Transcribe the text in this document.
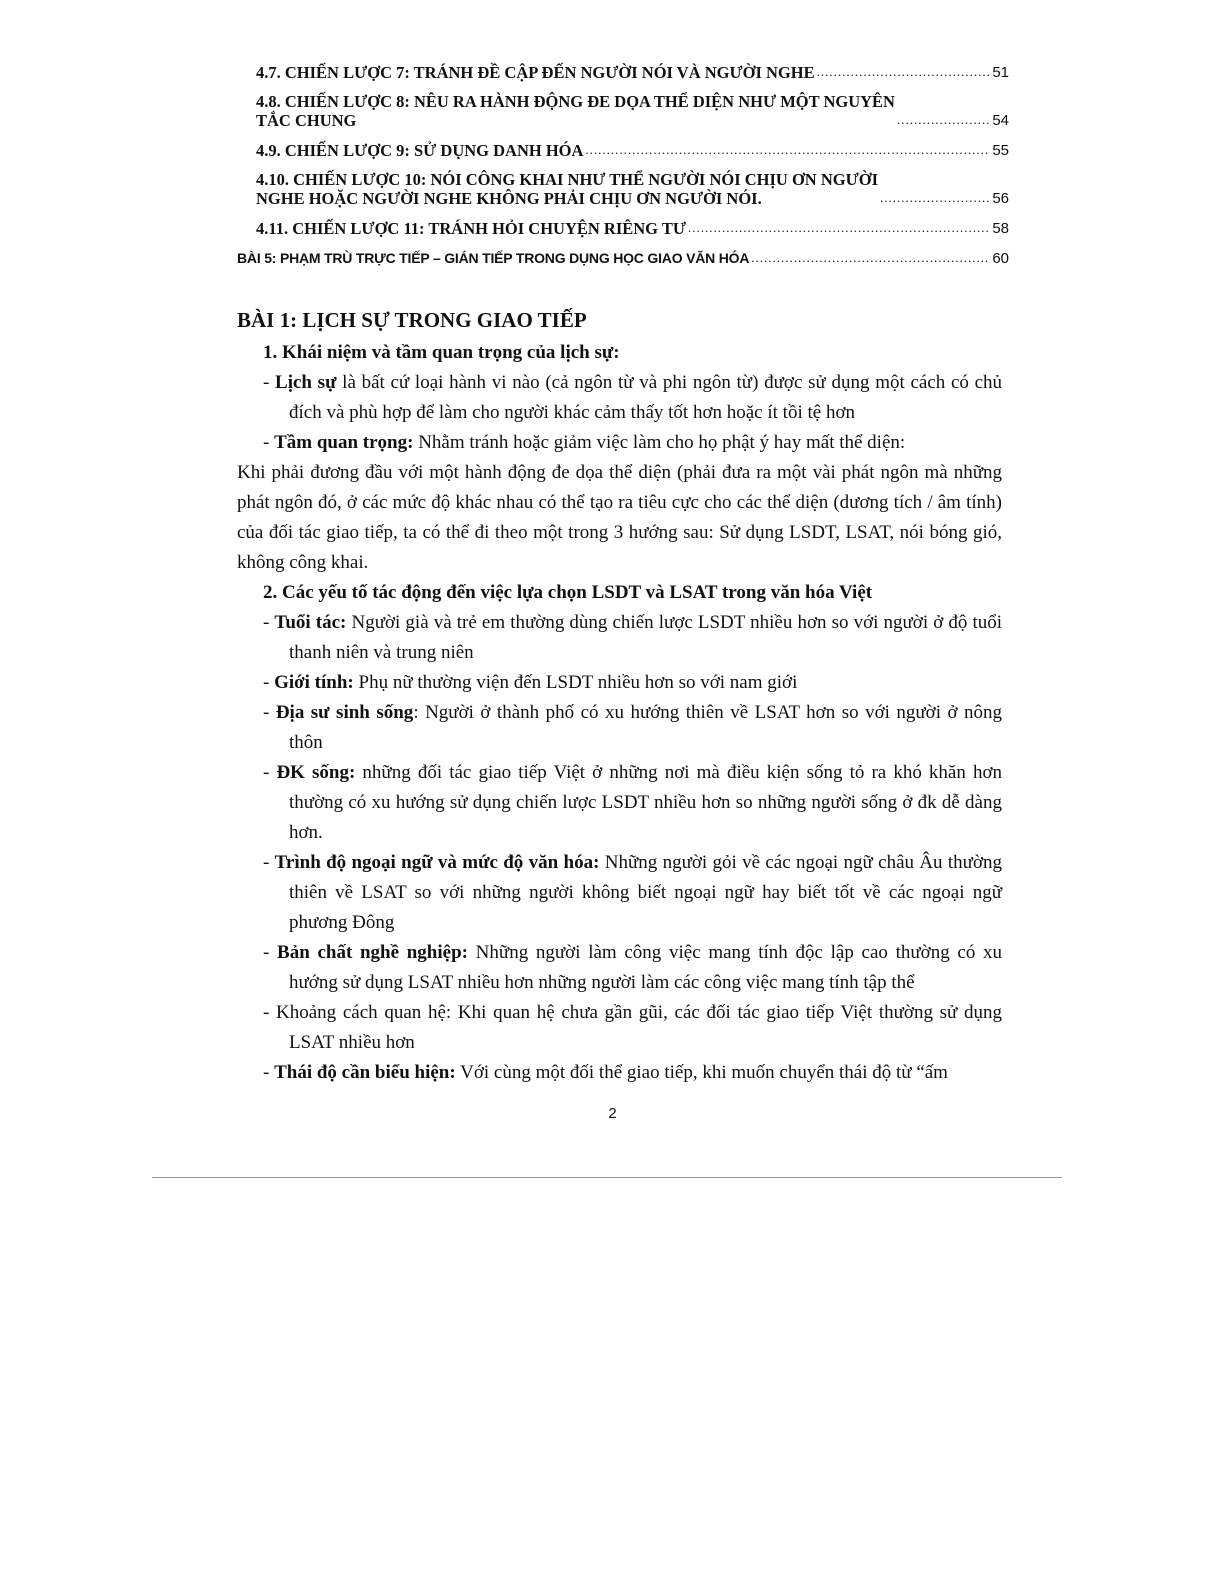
4.7. CHIẾN LƯỢC 7: TRÁNH ĐỀ CẬP ĐẾN NGƯỜI NÓI VÀ NGƯỜI NGHE .....	51
4.8. CHIẾN LƯỢC 8: NÊU RA HÀNH ĐỘNG ĐE DỌA THỂ DIỆN NHƯ MỘT NGUYÊN
TẮC CHUNG .....	54
4.9. CHIẾN LƯỢC 9: SỬ DỤNG DANH HÓA .....	55
4.10. CHIẾN LƯỢC 10: NÓI CÔNG KHAI NHƯ THỂ NGƯỜI NÓI CHỊU ƠN NGƯỜI
NGHE HOẶC NGƯỜI NGHE KHÔNG PHẢI CHỊU ƠN NGƯỜI NÓI. .....	56
4.11. CHIẾN LƯỢC 11: TRÁNH HỎI CHUYỆN RIÊNG TƯ .....	58
BÀI 5: PHẠM TRÙ TRỰC TIẾP – GIÁN TIẾP TRONG DỤNG HỌC GIAO VĂN HÓA .....	60
BÀI 1: LỊCH SỰ TRONG GIAO TIẾP
1. Khái niệm và tầm quan trọng của lịch sự:
- Lịch sự là bất cứ loại hành vi nào (cả ngôn từ và phi ngôn từ) được sử dụng một cách có chủ đích và phù hợp để làm cho người khác cảm thấy tốt hơn hoặc ít tồi tệ hơn
- Tầm quan trọng: Nhằm tránh hoặc giảm việc làm cho họ phật ý hay mất thể diện:
Khi phải đương đầu với một hành động đe dọa thể diện (phải đưa ra một vài phát ngôn mà những phát ngôn đó, ở các mức độ khác nhau có thể tạo ra tiêu cực cho các thể diện (dương tích / âm tính) của đối tác giao tiếp, ta có thể đi theo một trong 3 hướng sau: Sử dụng LSDT, LSAT, nói bóng gió, không công khai.
2. Các yếu tố tác động đến việc lựa chọn LSDT và LSAT trong văn hóa Việt
- Tuổi tác: Người già và trẻ em thường dùng chiến lược LSDT nhiều hơn so với người ở độ tuổi thanh niên và trung niên
- Giới tính: Phụ nữ thường viện đến LSDT nhiều hơn so với nam giới
- Địa sư sinh sống: Người ở thành phố có xu hướng thiên về LSAT hơn so với người ở nông thôn
- ĐK sống: những đối tác giao tiếp Việt ở những nơi mà điều kiện sống tỏ ra khó khăn hơn thường có xu hướng sử dụng chiến lược LSDT nhiều hơn so những người sống ở đk dễ dàng hơn.
- Trình độ ngoại ngữ và mức độ văn hóa: Những người gỏi về các ngoại ngữ châu Âu thường thiên về LSAT so với những người không biết ngoại ngữ hay biết tốt về các ngoại ngữ phương Đông
- Bản chất nghề nghiệp: Những người làm công việc mang tính độc lập cao thường có xu hướng sử dụng LSAT nhiều hơn những người làm các công việc mang tính tập thể
- Khoảng cách quan hệ: Khi quan hệ chưa gần gũi, các đối tác giao tiếp Việt thường sử dụng LSAT nhiều hơn
- Thái độ cần biểu hiện: Với cùng một đối thể giao tiếp, khi muốn chuyển thái độ từ “ấm
2
